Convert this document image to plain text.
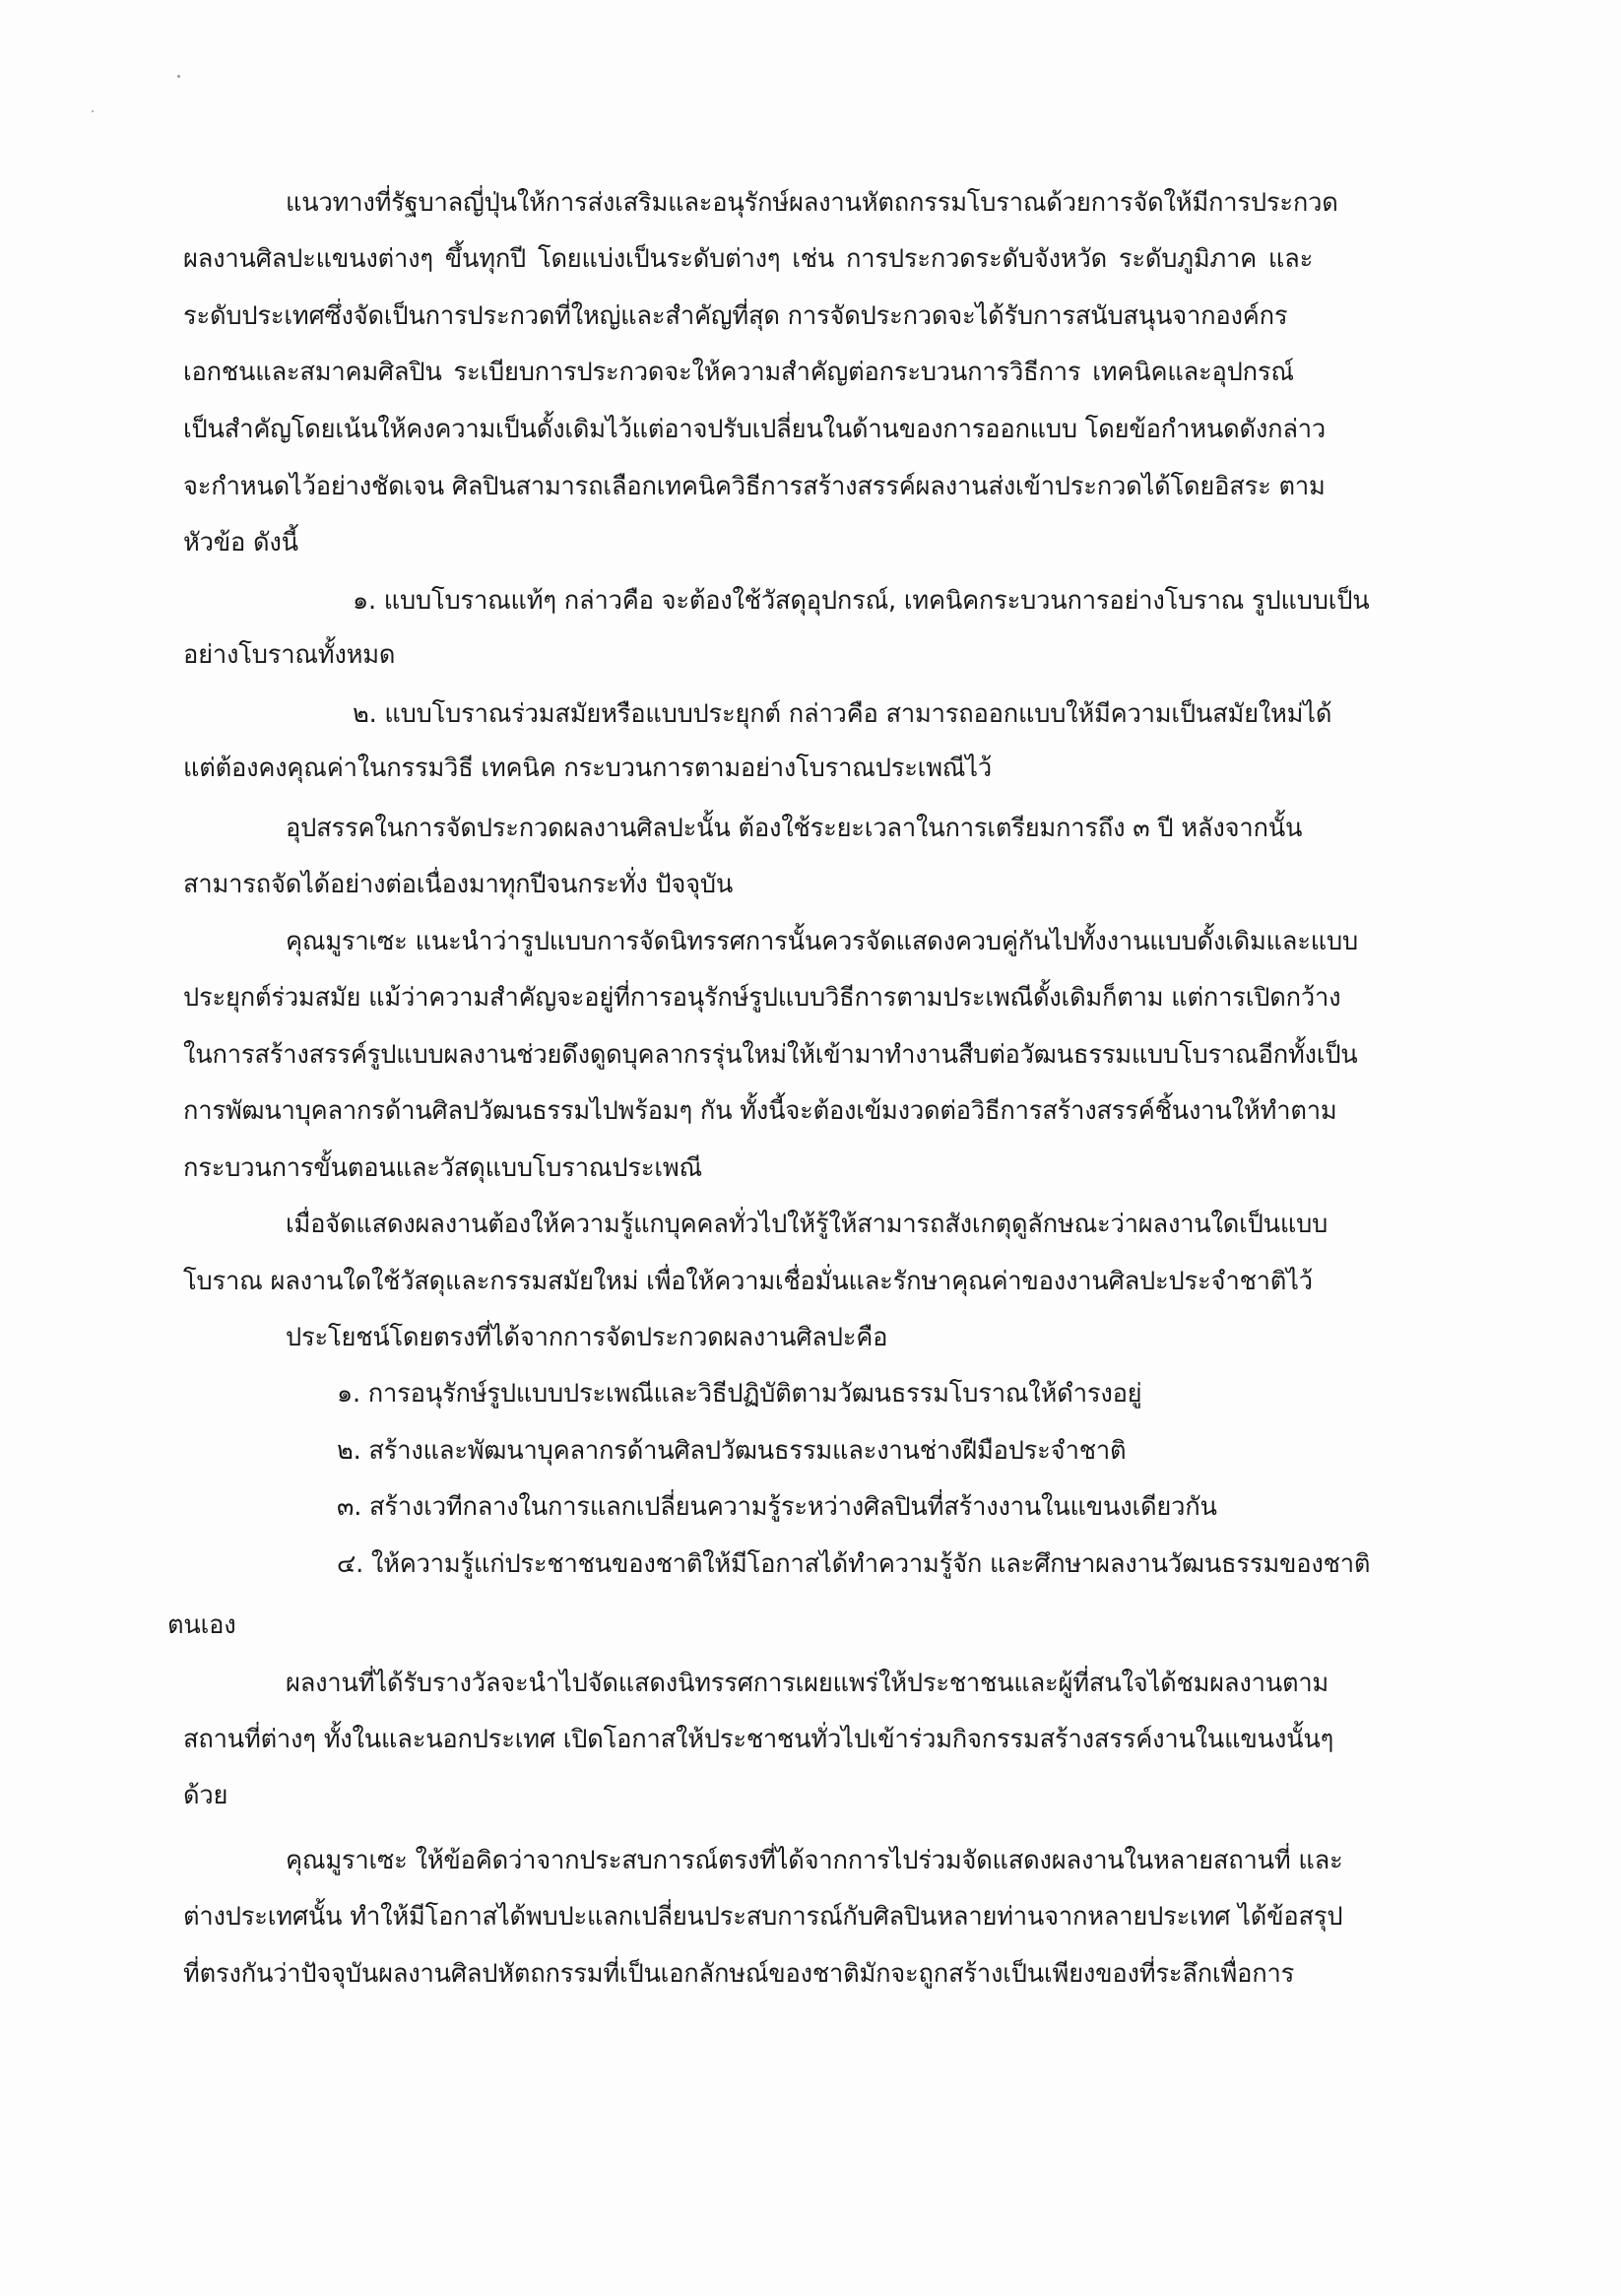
แนวทางที่รัฐบาลญี่ปุ่นให้การส่งเสริมและอนุรักษ์ผลงานหัตถกรรมโบราณด้วยการจัดให้มีการประกวด
ผลงานศิลปะแขนงต่างๆ ขึ้นทุกปี โดยแบ่งเป็นระดับต่างๆ เช่น การประกวดระดับจังหวัด ระดับภูมิภาค และ
ระดับประเทศซึ่งจัดเป็นการประกวดที่ใหญ่และสำคัญที่สุด การจัดประกวดจะได้รับการสนับสนุนจากองค์กร
เอกชนและสมาคมศิลปิน ระเบียบการประกวดจะให้ความสำคัญต่อกระบวนการวิธีการ เทคนิคและอุปกรณ์
เป็นสำคัญโดยเน้นให้คงความเป็นดั้งเดิมไว้แต่อาจปรับเปลี่ยนในด้านของการออกแบบ โดยข้อกำหนดดังกล่าว
จะกำหนดไว้อย่างชัดเจน ศิลปินสามารถเลือกเทคนิควิธีการสร้างสรรค์ผลงานส่งเข้าประกวดได้โดยอิสระ ตาม
หัวข้อ ดังนี้
๑. แบบโบราณแท้ๆ กล่าวคือ จะต้องใช้วัสดุอุปกรณ์, เทคนิคกระบวนการอย่างโบราณ รูปแบบเป็น
อย่างโบราณทั้งหมด
๒. แบบโบราณร่วมสมัยหรือแบบประยุกต์ กล่าวคือ สามารถออกแบบให้มีความเป็นสมัยใหม่ได้
แต่ต้องคงคุณค่าในกรรมวิธี เทคนิค กระบวนการตามอย่างโบราณประเพณีไว้
อุปสรรคในการจัดประกวดผลงานศิลปะนั้น ต้องใช้ระยะเวลาในการเตรียมการถึง ๓ ปี หลังจากนั้น
สามารถจัดได้อย่างต่อเนื่องมาทุกปีจนกระทั่ง ปัจจุบัน
คุณมูราเซะ แนะนำว่ารูปแบบการจัดนิทรรศการนั้นควรจัดแสดงควบคู่กันไปทั้งงานแบบดั้งเดิมและแบบ
ประยุกต์ร่วมสมัย แม้ว่าความสำคัญจะอยู่ที่การอนุรักษ์รูปแบบวิธีการตามประเพณีดั้งเดิมก็ตาม แต่การเปิดกว้าง
ในการสร้างสรรค์รูปแบบผลงานช่วยดึงดูดบุคลากรรุ่นใหม่ให้เข้ามาทำงานสืบต่อวัฒนธรรมแบบโบราณอีกทั้งเป็น
การพัฒนาบุคลากรด้านศิลปวัฒนธรรมไปพร้อมๆ กัน ทั้งนี้จะต้องเข้มงวดต่อวิธีการสร้างสรรค์ชิ้นงานให้ทำตาม
กระบวนการขั้นตอนและวัสดุแบบโบราณประเพณี
เมื่อจัดแสดงผลงานต้องให้ความรู้แกบุคคลทั่วไปให้รู้ให้สามารถสังเกตุดูลักษณะว่าผลงานใดเป็นแบบ
โบราณ ผลงานใดใช้วัสดุและกรรมสมัยใหม่ เพื่อให้ความเชื่อมั่นและรักษาคุณค่าของงานศิลปะประจำชาติไว้
ประโยชน์โดยตรงที่ได้จากการจัดประกวดผลงานศิลปะคือ
๑. การอนุรักษ์รูปแบบประเพณีและวิธีปฏิบัติตามวัฒนธรรมโบราณให้ดำรงอยู่
๒. สร้างและพัฒนาบุคลากรด้านศิลปวัฒนธรรมและงานช่างฝีมือประจำชาติ
๓. สร้างเวทีกลางในการแลกเปลี่ยนความรู้ระหว่างศิลปินที่สร้างงานในแขนงเดียวกัน
๔. ให้ความรู้แก่ประชาชนของชาติให้มีโอกาสได้ทำความรู้จัก และศึกษาผลงานวัฒนธรรมของชาติ
ตนเอง
ผลงานที่ได้รับรางวัลจะนำไปจัดแสดงนิทรรศการเผยแพร่ให้ประชาชนและผู้ที่สนใจได้ชมผลงานตาม
สถานที่ต่างๆ ทั้งในและนอกประเทศ เปิดโอกาสให้ประชาชนทั่วไปเข้าร่วมกิจกรรมสร้างสรรค์งานในแขนงนั้นๆ
ด้วย
คุณมูราเซะ ให้ข้อคิดว่าจากประสบการณ์ตรงที่ได้จากการไปร่วมจัดแสดงผลงานในหลายสถานที่ และ
ต่างประเทศนั้น ทำให้มีโอกาสได้พบปะแลกเปลี่ยนประสบการณ์กับศิลปินหลายท่านจากหลายประเทศ ได้ข้อสรุป
ที่ตรงกันว่าปัจจุบันผลงานศิลปหัตถกรรมที่เป็นเอกลักษณ์ของชาติมักจะถูกสร้างเป็นเพียงของที่ระลึกเพื่อการ
